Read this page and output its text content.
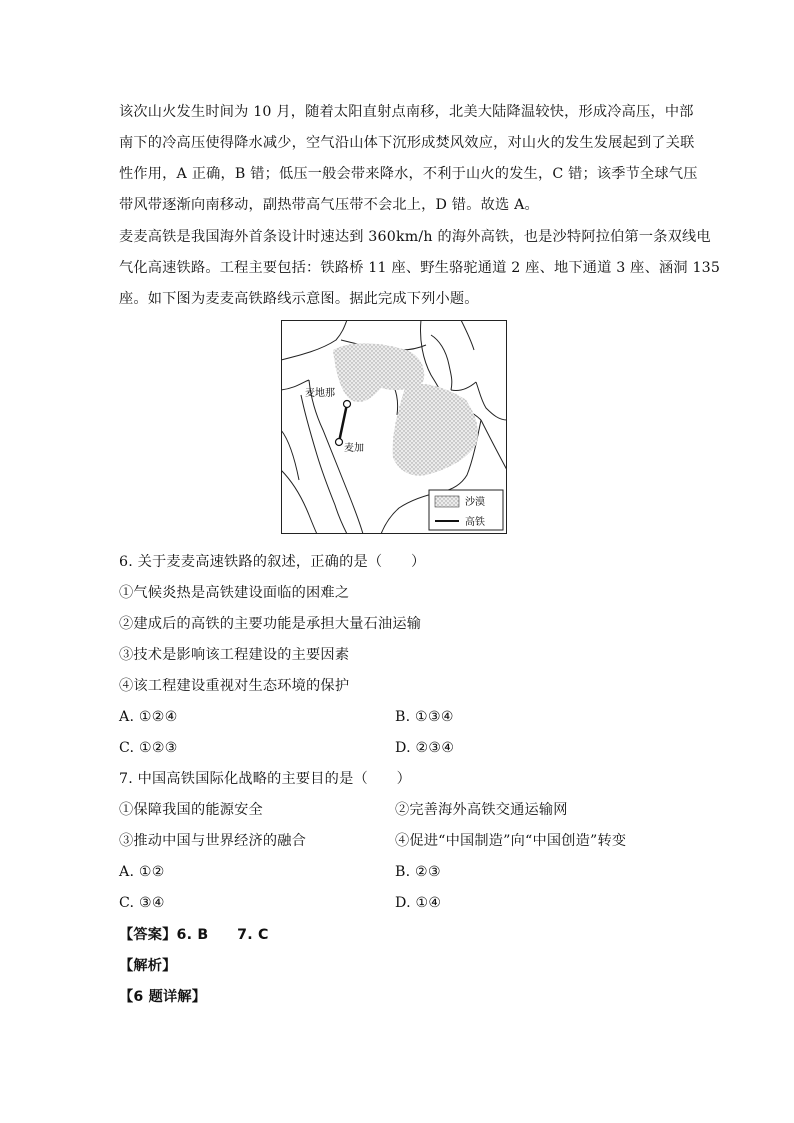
该次山火发生时间为 10 月，随着太阳直射点南移，北美大陆降温较快，形成冷高压，中部
南下的冷高压使得降水减少，空气沿山体下沉形成焚风效应，对山火的发生发展起到了关联
性作用，A 正确，B 错；低压一般会带来降水，不利于山火的发生，C 错；该季节全球气压
带风带逐渐向南移动，副热带高气压带不会北上，D 错。故选 A。
麦麦高铁是我国海外首条设计时速达到 360km/h 的海外高铁，也是沙特阿拉伯第一条双线电
气化高速铁路。工程主要包括：铁路桥 11 座、野生骆驼通道 2 座、地下通道 3 座、涵洞 135
座。如下图为麦麦高铁路线示意图。据此完成下列小题。
麦地那
麦加
沙漠
高铁
6. 关于麦麦高速铁路的叙述，正确的是（　　）
①气候炎热是高铁建设面临的困难之
②建成后的高铁的主要功能是承担大量石油运输
③技术是影响该工程建设的主要因素
④该工程建设重视对生态环境的保护
A. ①②④	B. ①③④
C. ①②③	D. ②③④
7. 中国高铁国际化战略的主要目的是（　　）
①保障我国的能源安全	②完善海外高铁交通运输网
③推动中国与世界经济的融合	④促进“中国制造”向“中国创造”转变
A. ①②	B. ②③
C. ③④	D. ①④
【答案】6. B　　7. C
【解析】
【6 题详解】
